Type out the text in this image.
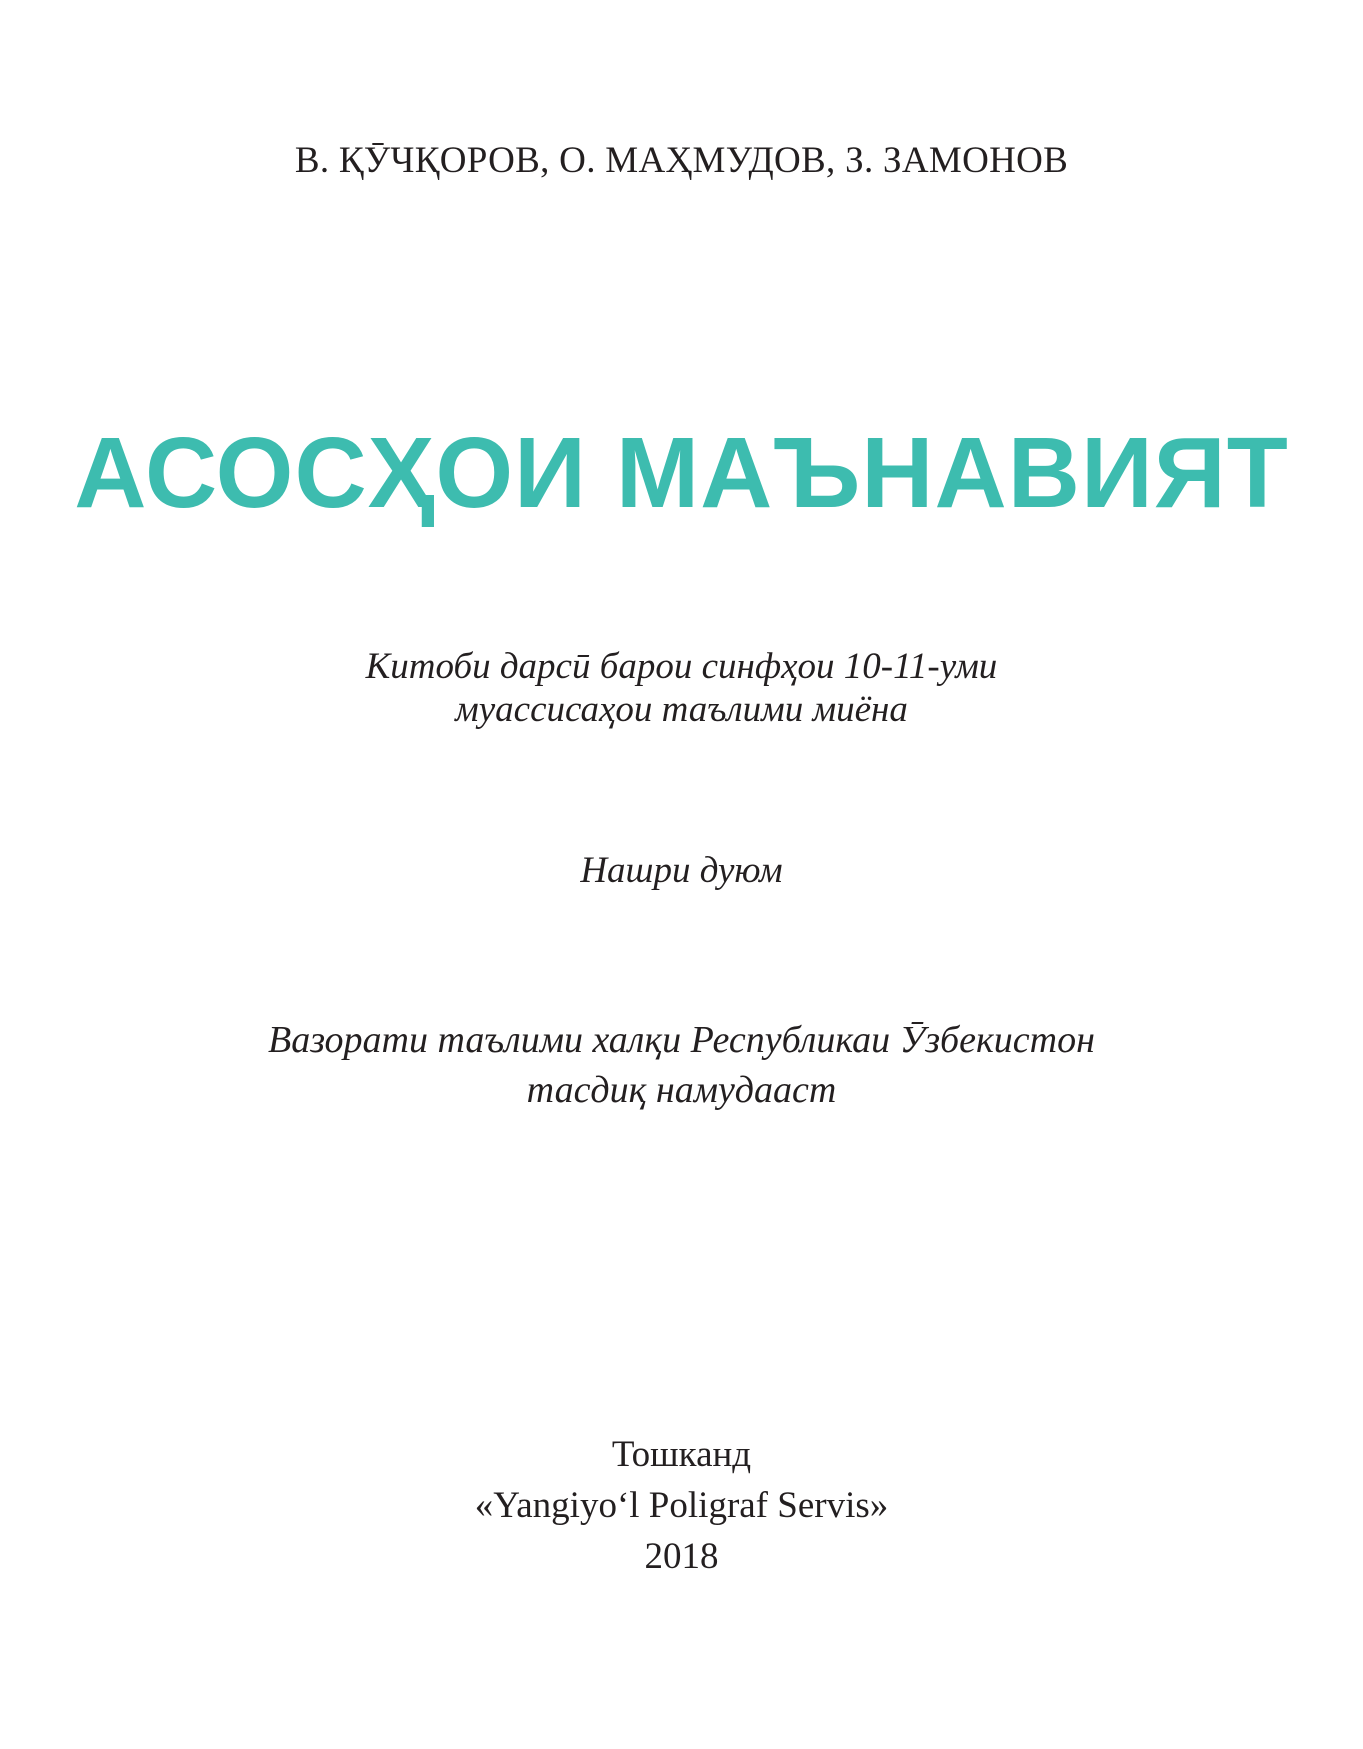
В. ҚӮЧҚОРОВ, О. МАҲМУДОВ, З. ЗАМОНОВ
АСОСҲОИ МАЪНАВИЯТ
Китоби дарсӣ барои синфҳои 10-11-уми
муассисаҳои таълими миёна
Нашри дуюм
Вазорати таълими халқи Республикаи Ӯзбекистон
тасдиқ намудааст
Тошканд
«Yangiyoʻl Poligraf Servis»
2018
